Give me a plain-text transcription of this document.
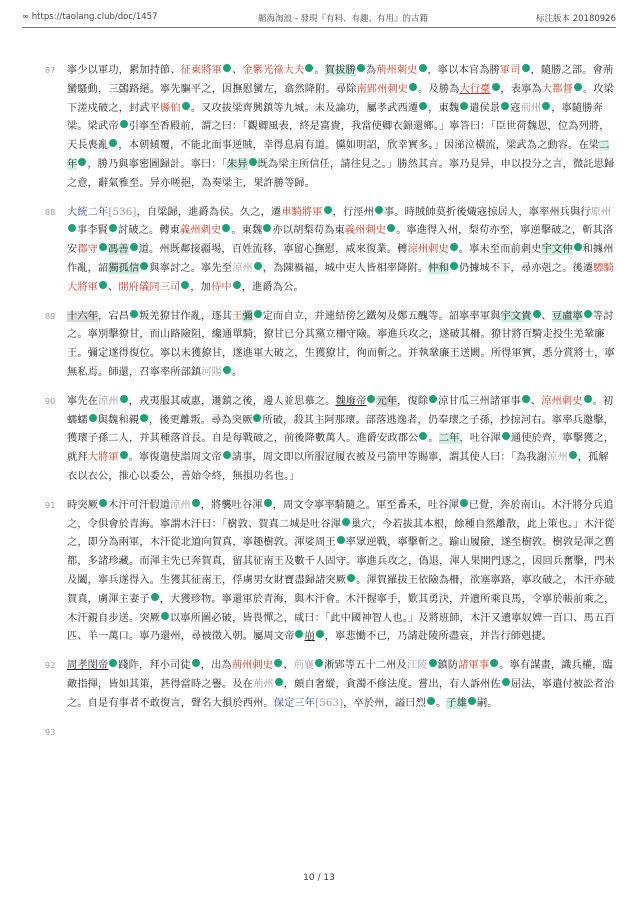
∞ https://taolang.club/doc/1457	韜海淘浪 - 發現『有料、有趣、有用』的古籍	标注版本 20180926
87 寧少以軍功，累加持節、征東將軍 、金紫光祿大夫 。賀拔勝 為荊州刺史 ，寧以本官為勝軍司 ，隨勝之部。會荊蠻騷動，三鵶路絕。寧先驅平之，因撫慰蠻左，翕然降附。尋除南郢州刺史 。及勝為大行臺 ，表寧為大都督 。攻梁下溠戍破之，封武平縣伯 。又攻拔梁齊興鎮等九城。未及論功，屬孝武西遷 ，東魏 遣侯景 寇荊州 ，寧隨勝奔梁。梁武帝 引寧至香殿前，謂之曰：「觀卿風表，終是富貴，我當使卿衣錦還鄉。」寧答曰：「臣世荷魏恩，位為列將，天長喪亂 ，本朝傾覆，不能北面事逆賊，幸得息肩有道。儻如明詔，欣幸實多。」因涕泣橫流，梁武為之動容。在梁二年 ，勝乃與寧密圖歸計。寧曰：「朱异 既為梁主所信任，請往見之。」勝然其言。寧乃見异，申以投分之言，微託思歸之意，辭氣雅至。异亦嗟挹，為奏梁主，果許勝等歸。
88 大統二年[536]，自梁歸，進爵為侯。久之，遷車騎將軍 ，行涇州 事。時賊帥莫折後熾寇掠居人，寧率州兵與行原州事李賢 討破之。轉東義州刺史 。東魏 亦以胡梨苟為東義州刺史 。寧進得入州，梨苟亦至，寧逆擊破之，斬其洛安郡守 馮善 道。州既鄰接疆埸，百姓流移，寧留心撫慰，咸來復業。轉涼州刺史 。寧未至而前刺史宇文仲 和據州作亂，詔獨孤信 與寧討之。寧先至涼州 ，為陳禍福，城中吏人皆相率降附。仲和 仍據城不下，尋亦剋之。後遷驃騎大將軍 、開府儀同三司 ，加侍中 ，進爵為公。
89 十六年，宕昌 叛羌獠甘作亂，逐其王彌 定而自立，并連結傍乞鐵匆及鄭五醜等。詔寧率軍與宇文貴 、豆盧寧 等討之。寧別擊獠甘，而山路險阻，纔通單騎，獠甘已分其黨立柵守險。寧進兵攻之，遂破其柵。獠甘將百騎走投生羌鞏廉王。彌定遂得復位。寧以未獲獠甘，遂進軍大破之，生獲獠甘，徇而斬之。并執鞏廉王送闕。所得軍實，悉分賞將士，寧無私焉。師還，召寧率所部鎮河陽 。
90 寧先在涼州 ，戎夷服其威惠，遷鎮之後，邊人並思慕之。魏廢帝 元年，復除 涼甘瓜三州諸軍事 、涼州刺史 。初蠕蠕 與魏和親 ，後更離叛。尋為突厥 所破，殺其主阿那瓌。部落逃逸者，仍奉瓌之子孫，抄掠河右。寧率兵邀擊，獲瓌子孫二人，并其種落首長。自是每戰破之，前後降數萬人。進爵安政郡公 。二年，吐谷渾 通使於齊，寧擊獲之，就拜大將軍 。寧復遣使詣周文帝 請事，周文即以所服冠履衣被及弓箭甲等賜寧，謂其使人曰：「為我謝涼州 ，孤解衣以衣公，推心以委公，善始令終，無損功名也。」
91 時突厥 木汗可汗假道涼州 ，將襲吐谷渾 ，周文令寧率騎隨之。軍至番禾，吐谷渾 已覺，奔於南山。木汗將分兵追之，令俱會於青海。寧謂木汗曰：「樹敦、賀真二城是吐谷渾 巢穴，今若拔其本根，餘種自然離散，此上策也。」木汗從之，即分為兩軍，木汗從北道向賀真，寧趣樹敦。渾娑周王 率眾逆戰，寧擊斬之。踰山履險，遂至樹敦。樹敦是渾之舊都，多諸珍藏。而渾主先已奔賀真，留其征南王及數千人固守。寧進兵攻之，偽退，渾人果開門逐之，因回兵奮擊，門未及闔，寧兵遂得入。生獲其征南王，俘虜男女財寶盡歸諸突厥 。渾賀羅拔王依險為柵，欲塞寧路，寧攻破之，木汗亦破賀真，虜渾主妻子 ，大獲珍物。寧還軍於青海，與木汗會。木汗握寧手，歎其勇決，并遺所乘良馬，令寧於帳前乘之，木汗親自步送。突厥 以寧所圖必破，皆畏憚之，咸曰：「此中國神智人也。」及將班師，木汗又遺寧奴婢一百口、馬五百匹、羊一萬口。寧乃還州，尋被徵入朝。屬周文帝 崩 ，寧悲慟不已，乃請赴陵所盡哀，并告行師剋捷。
92 周孝閔帝 踐阼，拜小司徒 ，出為荊州刺史 、荊襄 淅郢等五十二州及江陵 鎮防諸軍事 。寧有謀畫，識兵權，臨敵指揮，皆如其策，甚得當時之譽。及在荊州 ，頗自奢縱，貪濁不修法度。嘗出，有人訴州佐 屈法，寧遣付被訟者治之。自是有事者不敢復言，聲名大損於西州。保定三年[563]，卒於州，謚曰烈 。子雄 嗣。
93
10 / 13
